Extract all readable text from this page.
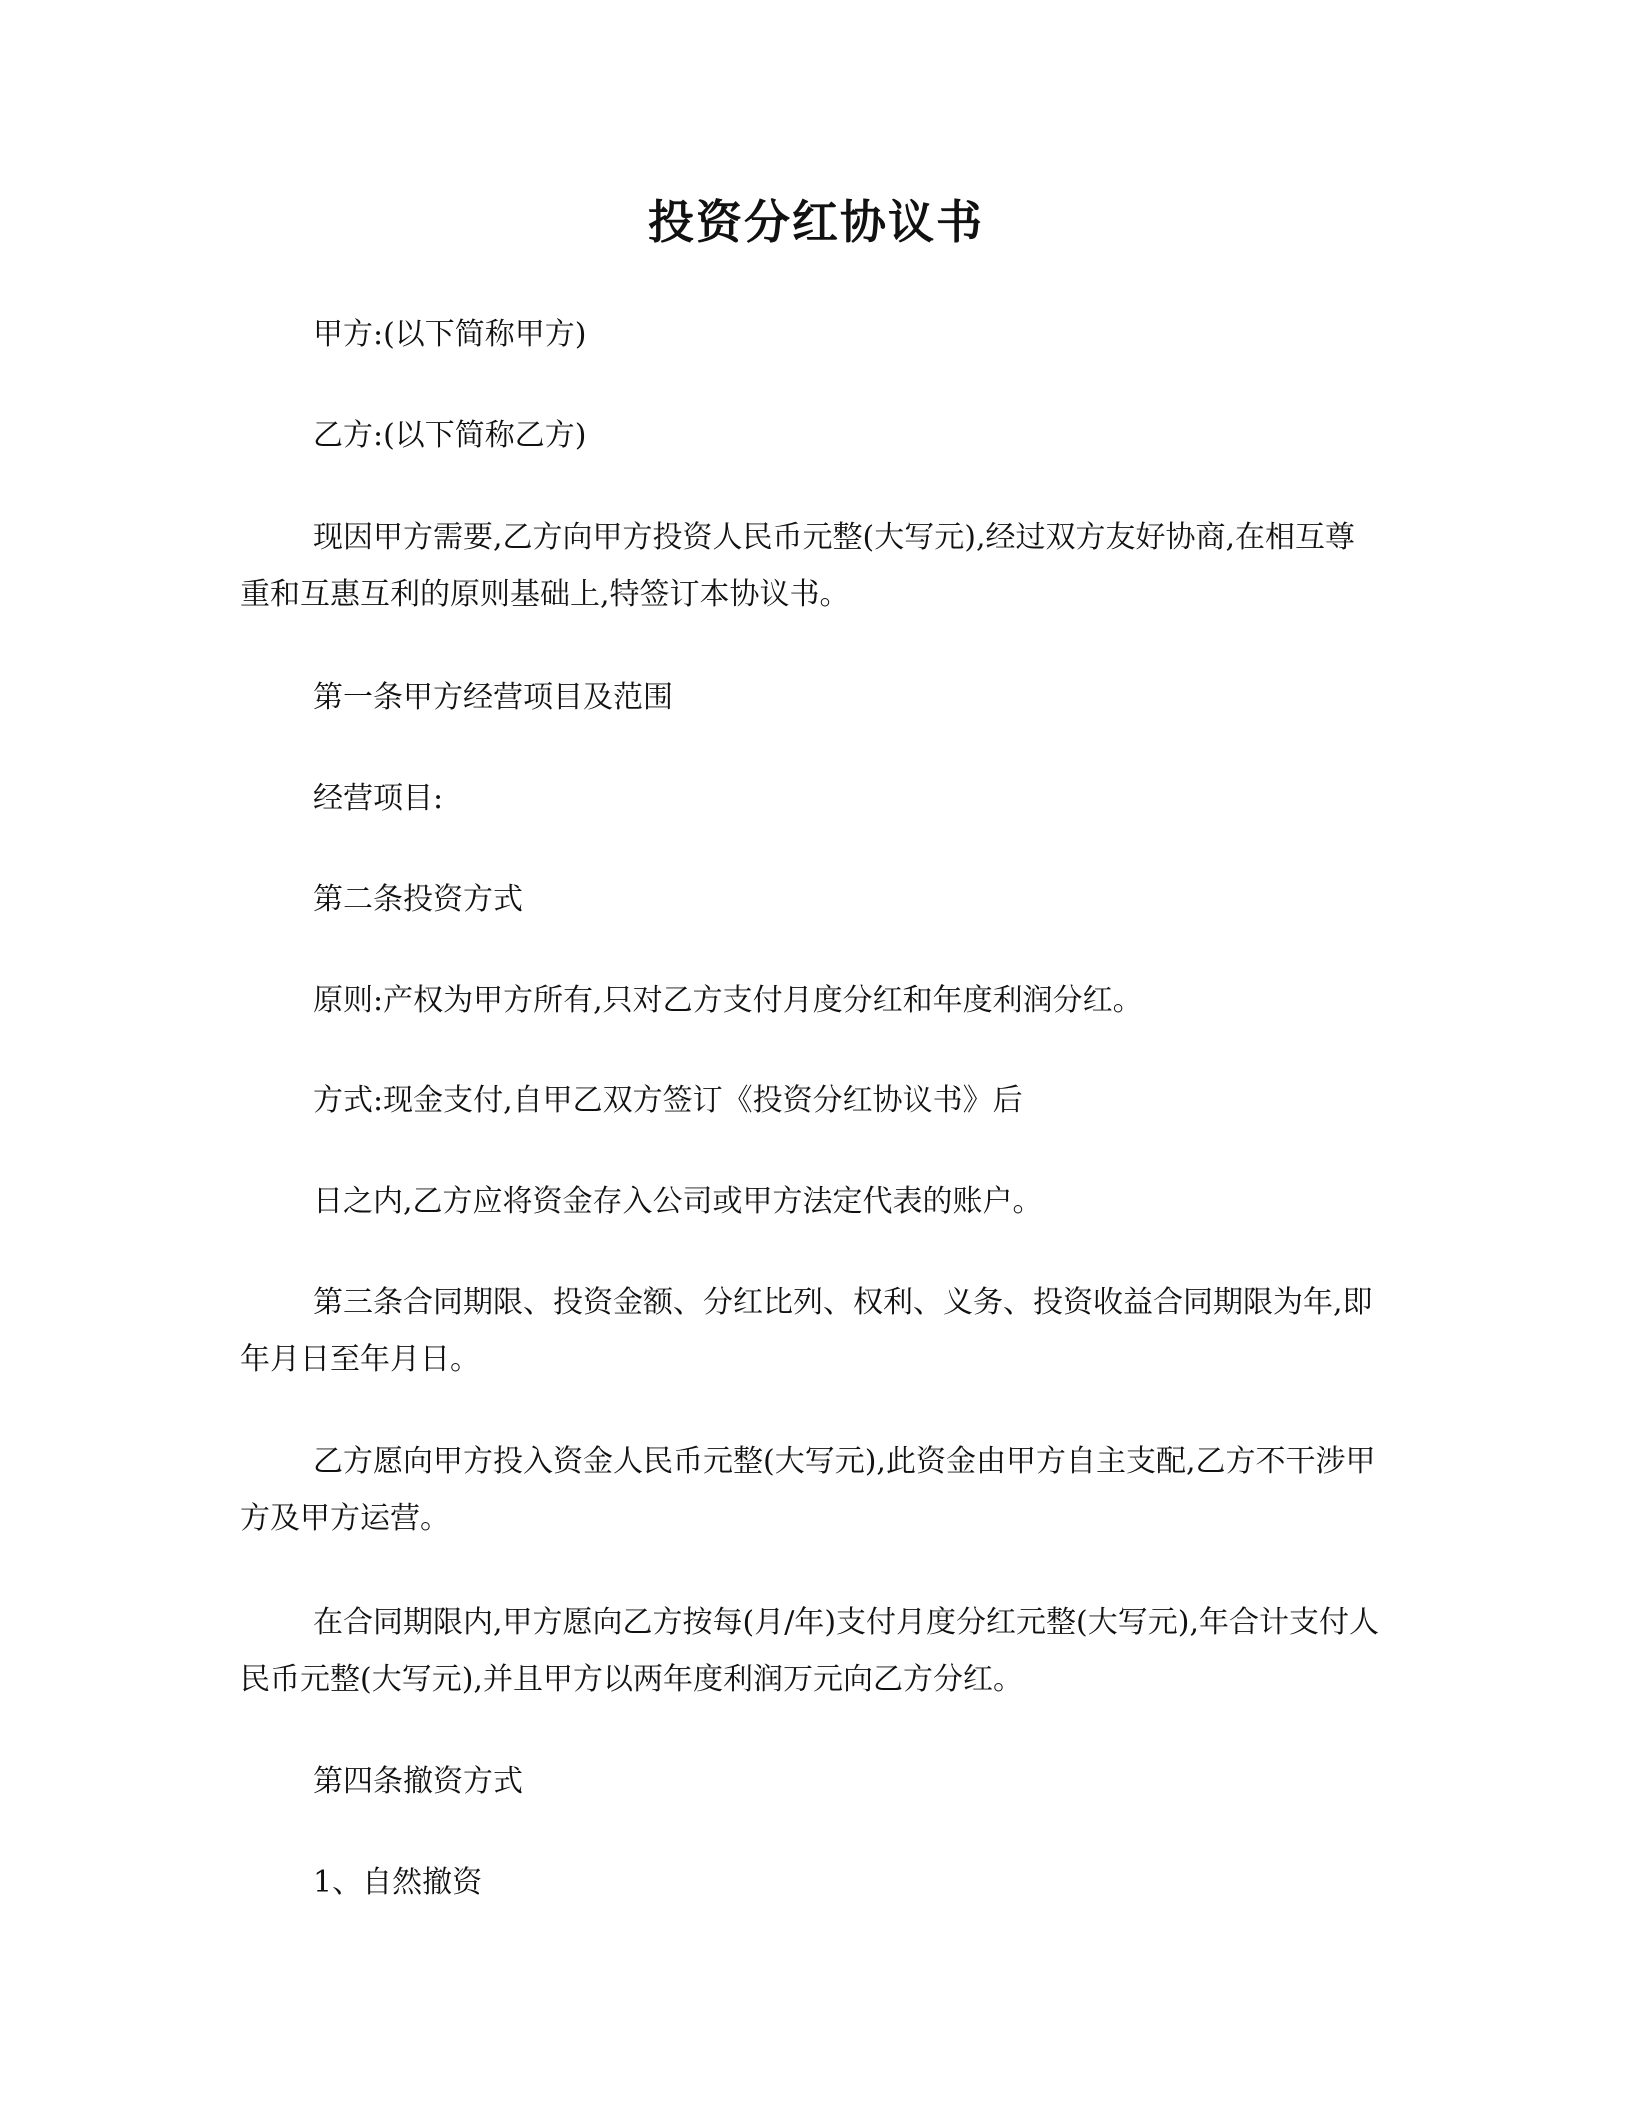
投资分红协议书

甲方:(以下简称甲方)

乙方:(以下简称乙方)

现因甲方需要,乙方向甲方投资人民币元整(大写元),经过双方友好协商,在相互尊重和互惠互利的原则基础上,特签订本协议书。

第一条甲方经营项目及范围

经营项目:

第二条投资方式

原则:产权为甲方所有,只对乙方支付月度分红和年度利润分红。

方式:现金支付,自甲乙双方签订《投资分红协议书》后

日之内,乙方应将资金存入公司或甲方法定代表的账户。

第三条合同期限、投资金额、分红比列、权利、义务、投资收益合同期限为年,即年月日至年月日。

乙方愿向甲方投入资金人民币元整(大写元),此资金由甲方自主支配,乙方不干涉甲方及甲方运营。

在合同期限内,甲方愿向乙方按每(月/年)支付月度分红元整(大写元),年合计支付人民币元整(大写元),并且甲方以两年度利润万元向乙方分红。

第四条撤资方式

1、自然撤资
